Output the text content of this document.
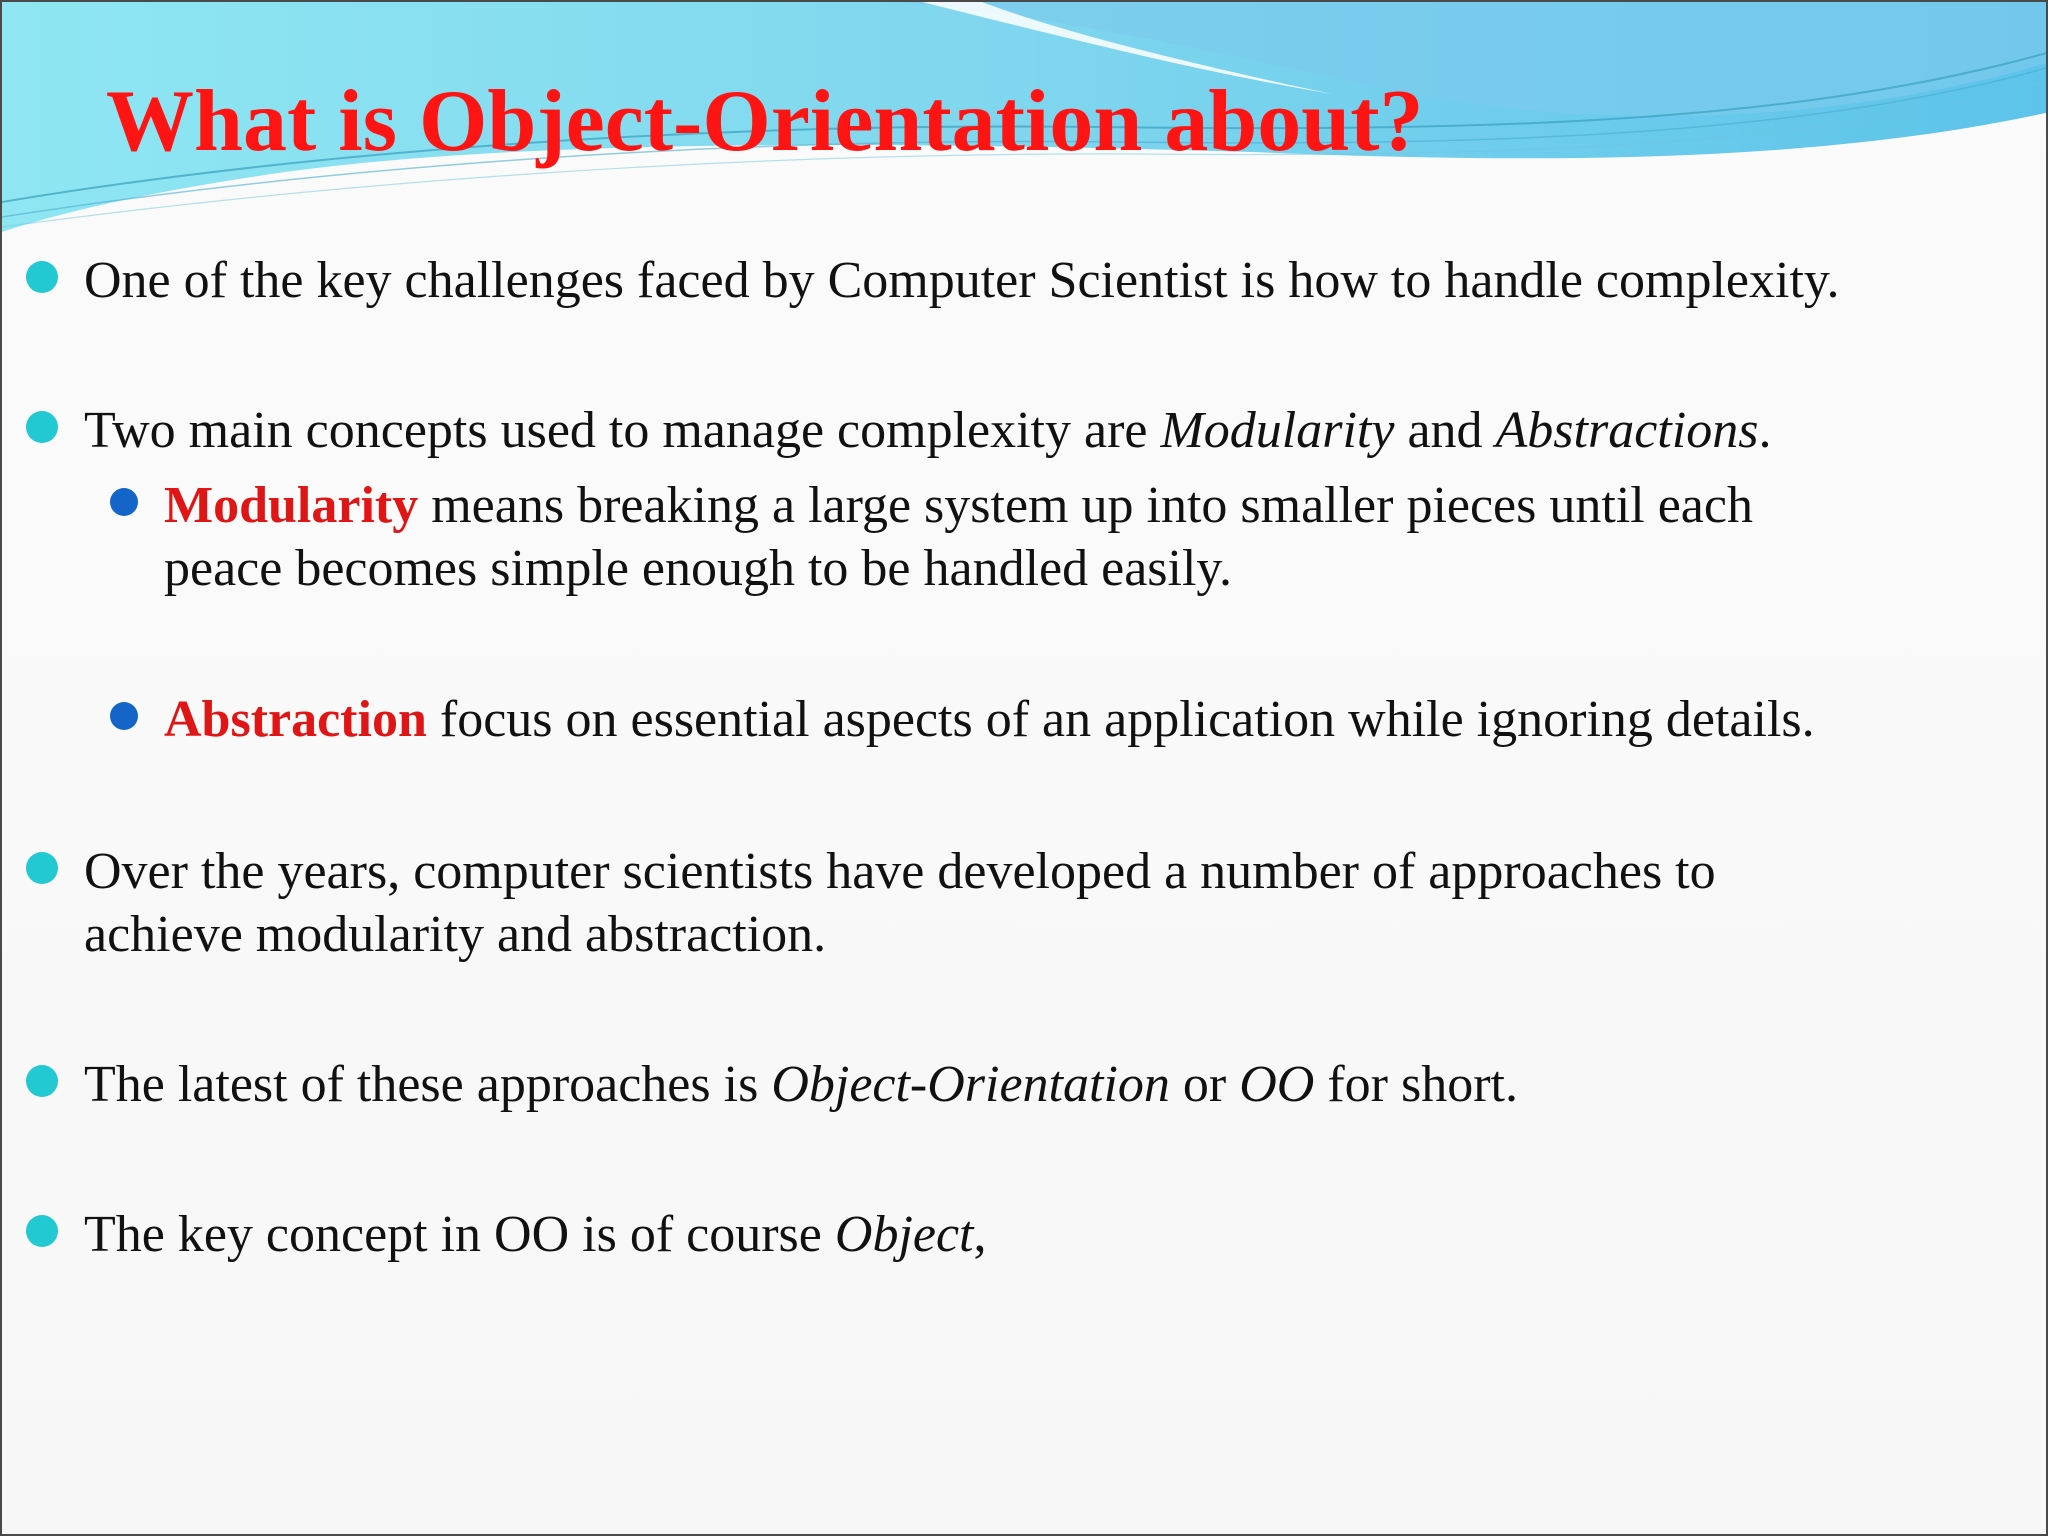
What is Object-Orientation about?
One of the key challenges faced by Computer Scientist is how to handle complexity.
Two main concepts used to manage complexity are Modularity and Abstractions.
Modularity means breaking a large system up into smaller pieces until each
peace becomes simple enough to be handled easily.
Abstraction focus on essential aspects of an application while ignoring details.
Over the years, computer scientists have developed a number of approaches to
achieve modularity and abstraction.
The latest of these approaches is Object-Orientation or OO for short.
The key concept in OO is of course Object,
